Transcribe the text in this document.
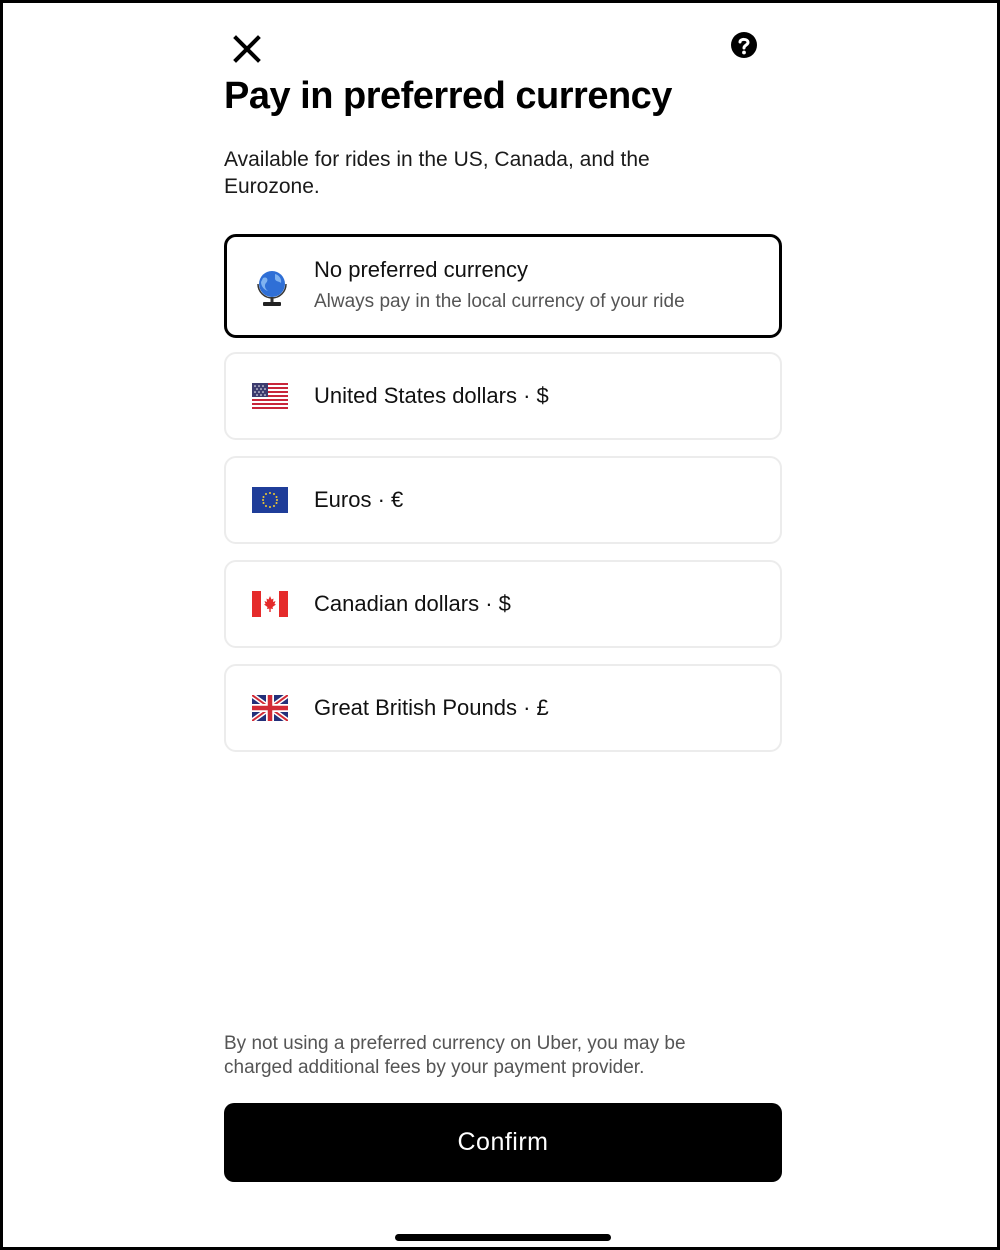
Pay in preferred currency

Available for rides in the US, Canada, and the Eurozone.

No preferred currency
Always pay in the local currency of your ride
United States dollars · $
Euros · €
Canadian dollars · $
Great British Pounds · £

By not using a preferred currency on Uber, you may be charged additional fees by your payment provider.

Confirm
